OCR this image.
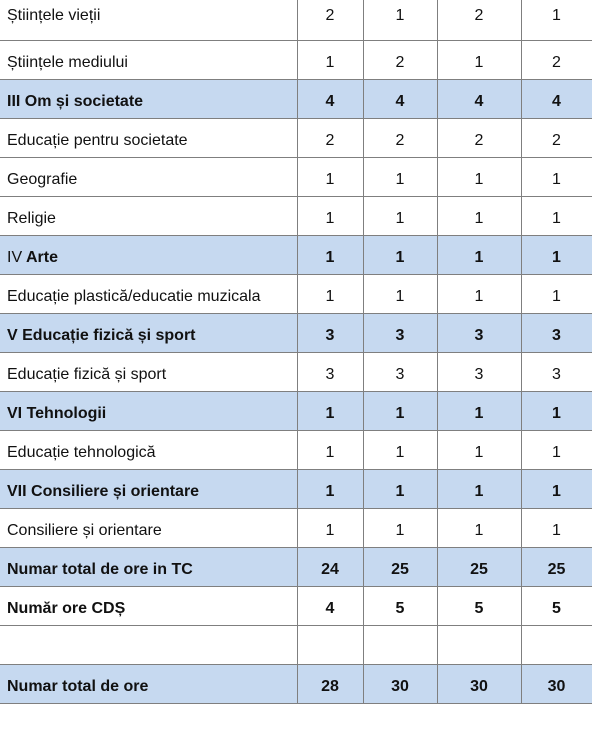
Științele vieții	2	1	2	1
Științele mediului	1	2	1	2
III Om și societate	4	4	4	4
Educație pentru societate	2	2	2	2
Geografie	1	1	1	1
Religie	1	1	1	1
IV Arte	1	1	1	1
Educație plastică/educatie muzicala	1	1	1	1
V Educație fizică și sport	3	3	3	3
Educație fizică și sport	3	3	3	3
VI Tehnologii	1	1	1	1
Educație tehnologică	1	1	1	1
VII Consiliere și orientare	1	1	1	1
Consiliere și orientare	1	1	1	1
Numar total de ore in TC	24	25	25	25
Număr ore CDȘ	4	5	5	5

Numar total de ore	28	30	30	30
